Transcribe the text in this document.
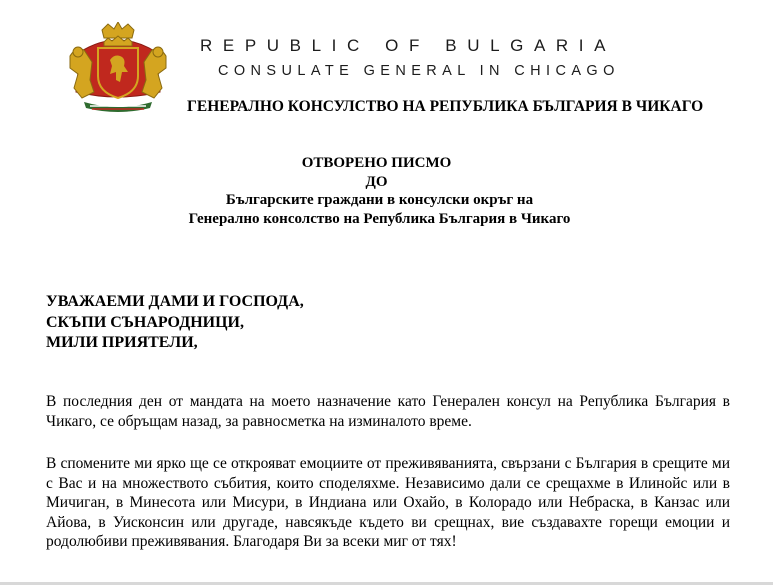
REPUBLIC OF BULGARIA
CONSULATE GENERAL IN CHICAGO
ГЕНЕРАЛНО КОНСУЛСТВО НА РЕПУБЛИКА БЪЛГАРИЯ В ЧИКАГО
ОТВОРЕНО ПИСМО
ДО
Българските граждани в консулски окръг на
Генерално консолство на Република България в Чикаго
УВАЖАЕМИ ДАМИ И ГОСПОДА,
СКЪПИ СЪНАРОДНИЦИ,
МИЛИ ПРИЯТЕЛИ,
В последния ден от мандата на моето назначение като Генерален консул на Република България в Чикаго, се обръщам назад, за равносметка на изминалото време.
В спомените ми ярко ще се открояват емоциите от преживяванията, свързани с България в срещите ми с Вас и на множеството събития, които споделяхме. Независимо дали се срещахме в Илинойс или в Мичиган, в Минесота или Мисури, в Индиана или Охайо, в Колорадо или Небраска, в Канзас или Айова, в Уисконсин или другаде, навсякъде където ви срещнах, вие създавахте горещи емоции и родолюбиви преживявания. Благодаря Ви за всеки миг от тях!
